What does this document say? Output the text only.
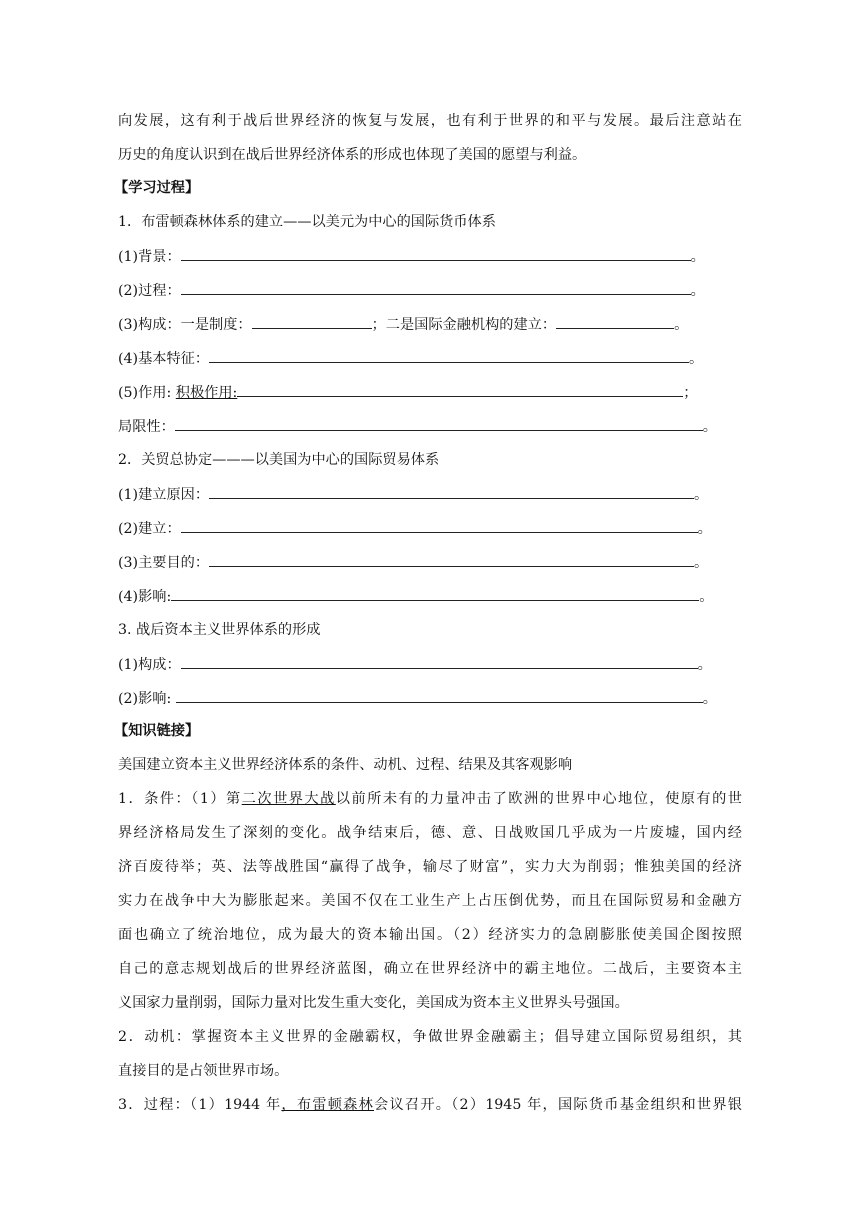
向发展，这有利于战后世界经济的恢复与发展，也有利于世界的和平与发展。最后注意站在
历史的角度认识到在战后世界经济体系的形成也体现了美国的愿望与利益。
【学习过程】
1．布雷顿森林体系的建立——以美元为中心的国际货币体系
(1)背景：	。
(2)过程：	。
(3)构成：一是制度：	；二是国际金融机构的建立：	。
(4)基本特征：	。
(5)作用: 积极作用:	；
局限性：	。
2．关贸总协定———以美国为中心的国际贸易体系
(1)建立原因：	。
(2)建立：	。
(3)主要目的：	。
(4)影响:	。
3. 战后资本主义世界体系的形成
(1)构成：	。
(2)影响:	。
【知识链接】
美国建立资本主义世界经济体系的条件、动机、过程、结果及其客观影响
1．条件：（1）第二次世界大战以前所未有的力量冲击了欧洲的世界中心地位，使原有的世
界经济格局发生了深刻的变化。战争结束后，德、意、日战败国几乎成为一片废墟，国内经
济百废待举；英、法等战胜国“赢得了战争，输尽了财富”，实力大为削弱；惟独美国的经济
实力在战争中大为膨胀起来。美国不仅在工业生产上占压倒优势，而且在国际贸易和金融方
面也确立了统治地位，成为最大的资本输出国。（2）经济实力的急剧膨胀使美国企图按照
自己的意志规划战后的世界经济蓝图，确立在世界经济中的霸主地位。二战后，主要资本主
义国家力量削弱，国际力量对比发生重大变化，美国成为资本主义世界头号强国。
2．动机：掌握资本主义世界的金融霸权，争做世界金融霸主；倡导建立国际贸易组织，其
直接目的是占领世界市场。
3．过程：（1）1944 年，布雷顿森林会议召开。（2）1945 年，国际货币基金组织和世界银
